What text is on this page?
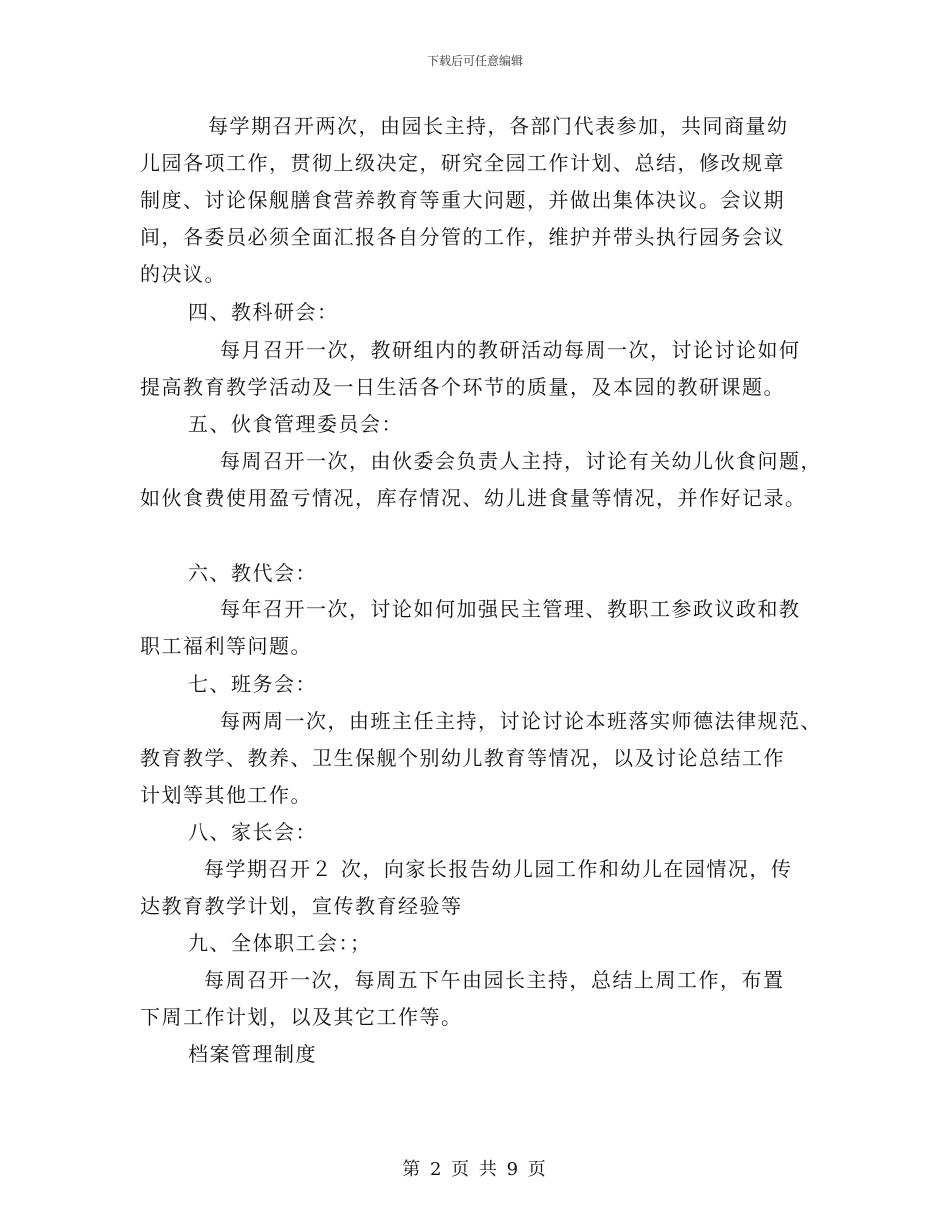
下载后可任意编辑
每学期召开两次，由园长主持，各部门代表参加，共同商量幼
儿园各项工作，贯彻上级决定，研究全园工作计划、总结，修改规章
制度、讨论保舰膳食营养教育等重大问题，并做出集体决议。会议期
间，各委员必须全面汇报各自分管的工作，维护并带头执行园务会议
的决议。
四、教科研会：
每月召开一次，教研组内的教研活动每周一次，讨论讨论如何
提高教育教学活动及一日生活各个环节的质量，及本园的教研课题。
五、伙食管理委员会：
每周召开一次，由伙委会负责人主持，讨论有关幼儿伙食问题，
如伙食费使用盈亏情况，库存情况、幼儿进食量等情况，并作好记录。
六、教代会：
每年召开一次，讨论如何加强民主管理、教职工参政议政和教
职工福利等问题。
七、班务会：
每两周一次，由班主任主持，讨论讨论本班落实师德法律规范、
教育教学、教养、卫生保舰个别幼儿教育等情况，以及讨论总结工作
计划等其他工作。
八、家长会：
每学期召开２ 次，向家长报告幼儿园工作和幼儿在园情况，传
达教育教学计划，宣传教育经验等
九、全体职工会：；
每周召开一次，每周五下午由园长主持，总结上周工作，布置
下周工作计划，以及其它工作等。
档案管理制度
第 2 页 共 9 页
